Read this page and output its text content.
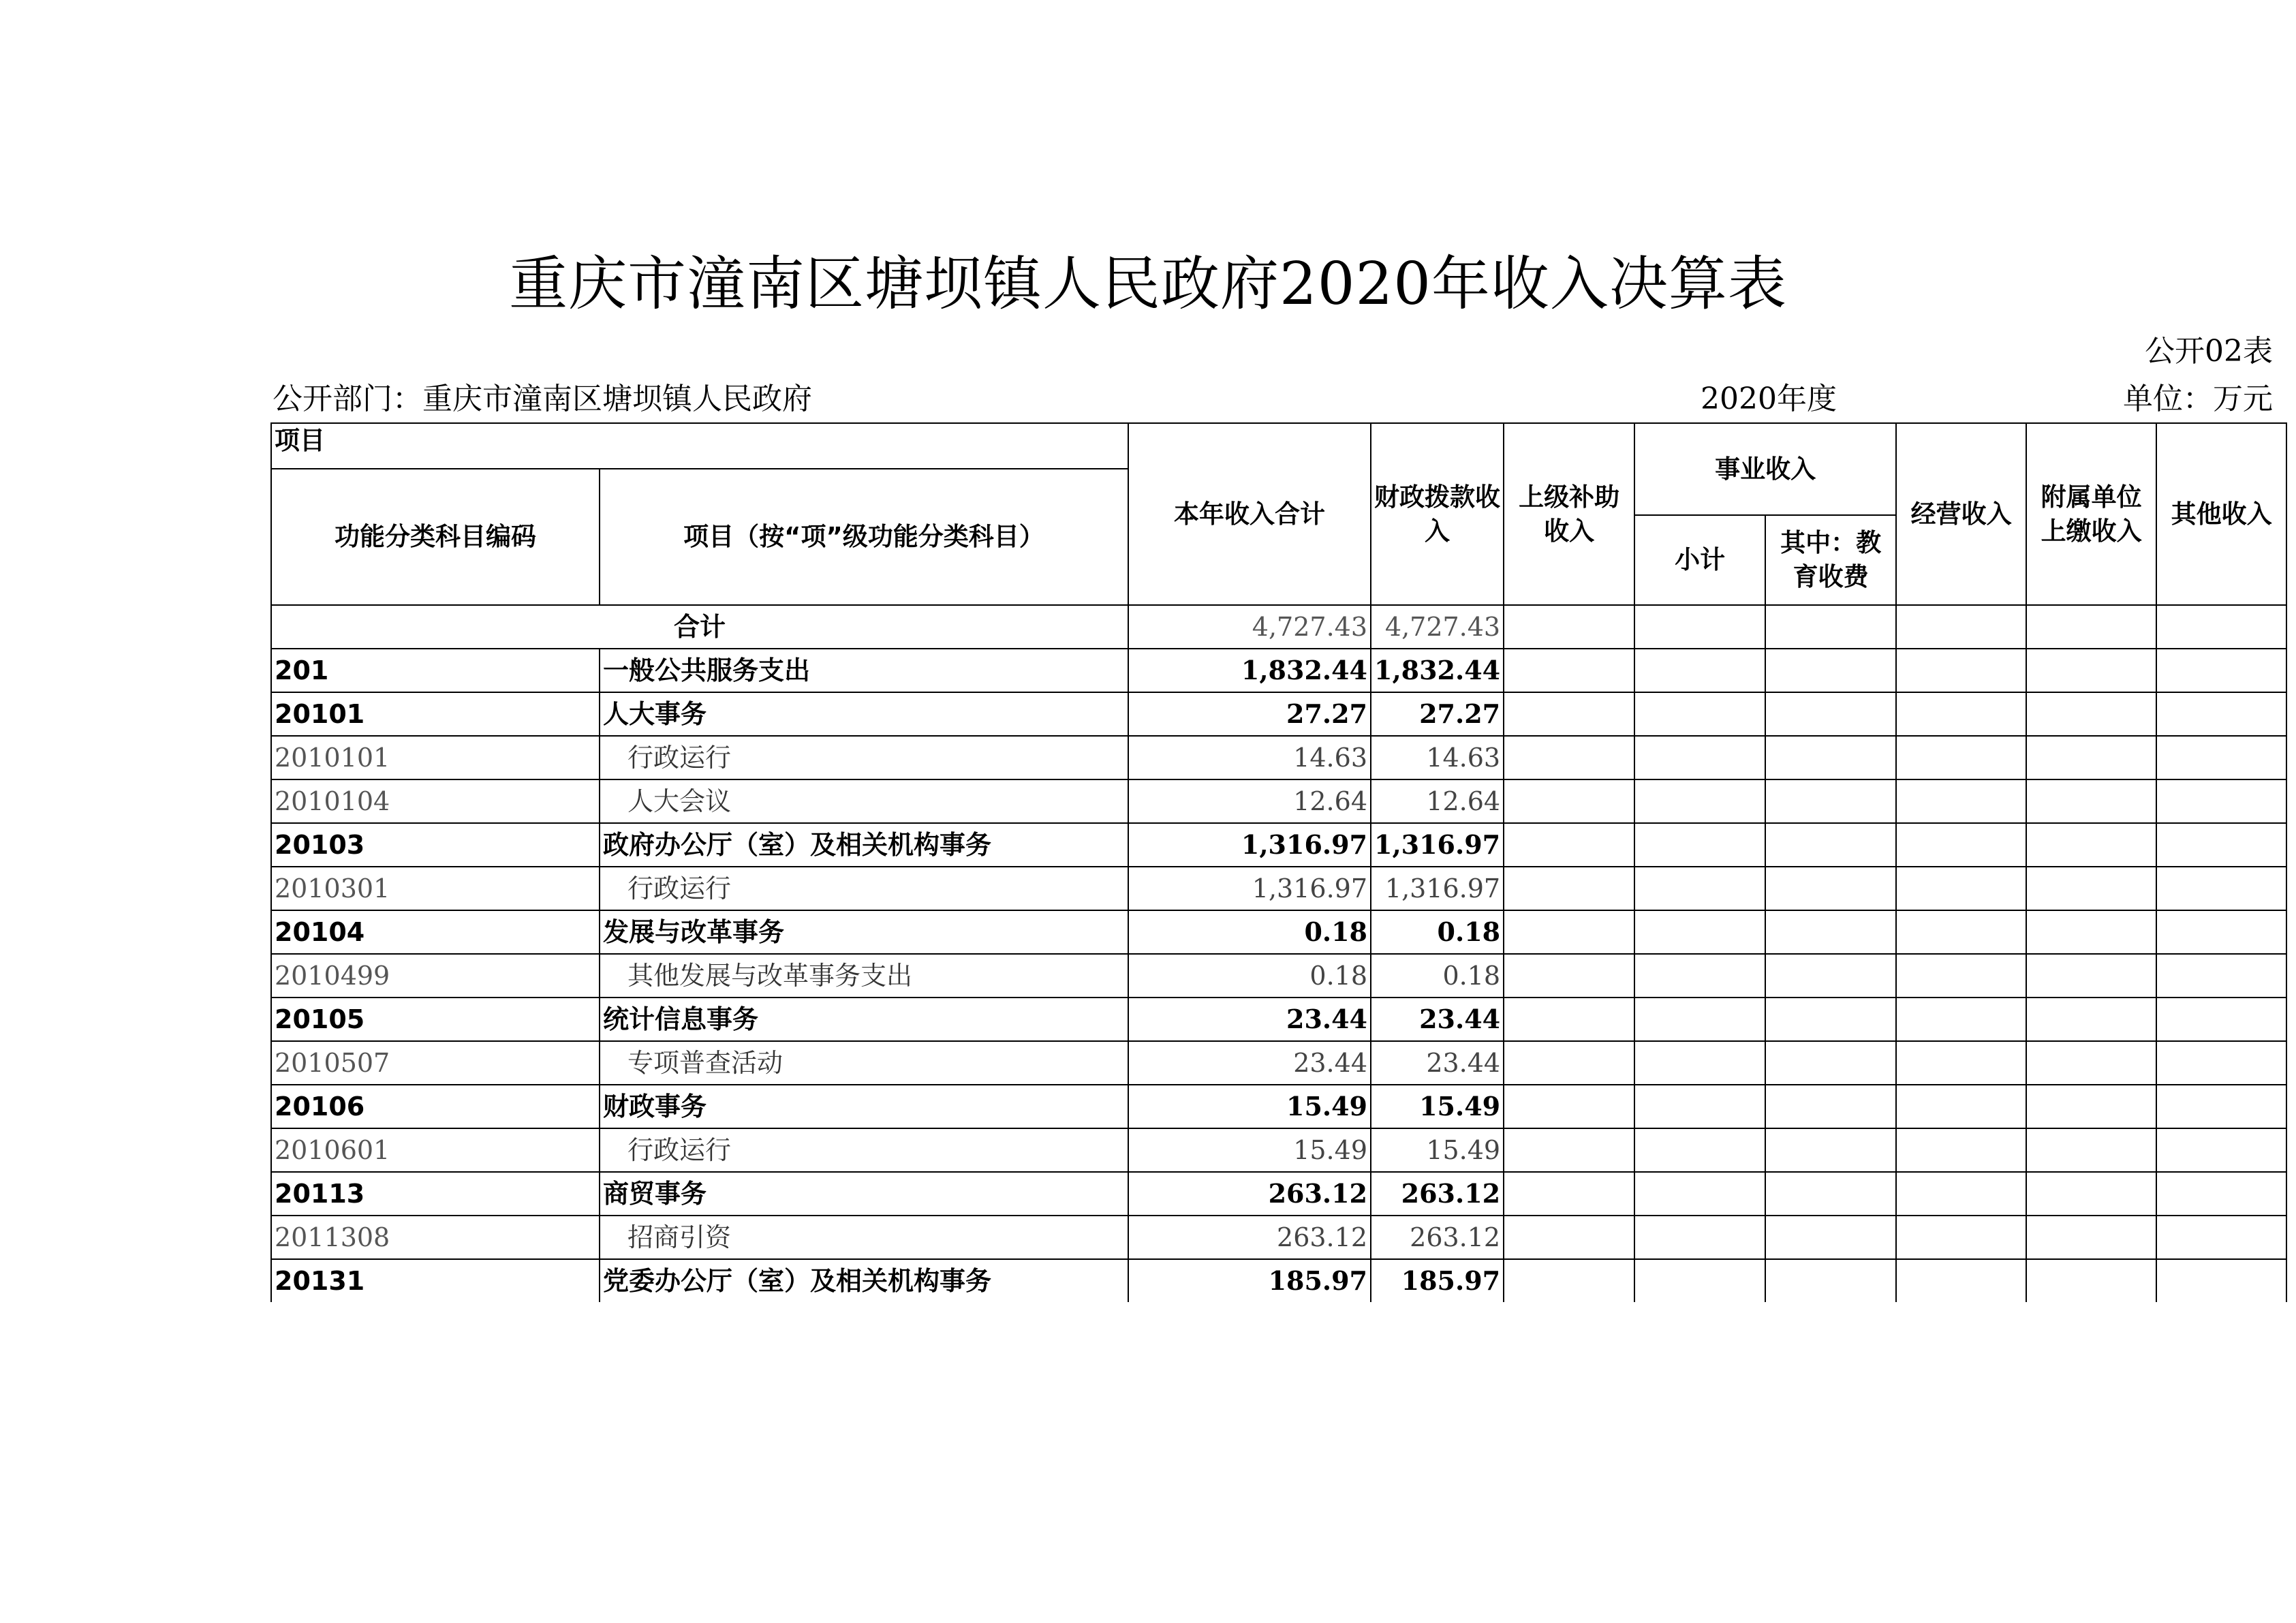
重庆市潼南区塘坝镇人民政府2020年收入决算表
公开02表
公开部门：重庆市潼南区塘坝镇人民政府	2020年度	单位：万元
项目		本年收入合计	财政拨款收入	上级补助收入	事业收入		经营收入	附属单位上缴收入	其他收入
功能分类科目编码	项目（按“项”级功能分类科目）								
					小计	其中：教育收费			
合计		4,727.43	4,727.43						
201	一般公共服务支出	1,832.44	1,832.44						
20101	人大事务	27.27	27.27						
2010101	行政运行	14.63	14.63						
2010104	人大会议	12.64	12.64						
20103	政府办公厅（室）及相关机构事务	1,316.97	1,316.97						
2010301	行政运行	1,316.97	1,316.97						
20104	发展与改革事务	0.18	0.18						
2010499	其他发展与改革事务支出	0.18	0.18						
20105	统计信息事务	23.44	23.44						
2010507	专项普查活动	23.44	23.44						
20106	财政事务	15.49	15.49						
2010601	行政运行	15.49	15.49						
20113	商贸事务	263.12	263.12						
2011308	招商引资	263.12	263.12						
20131	党委办公厅（室）及相关机构事务	185.97	185.97						
